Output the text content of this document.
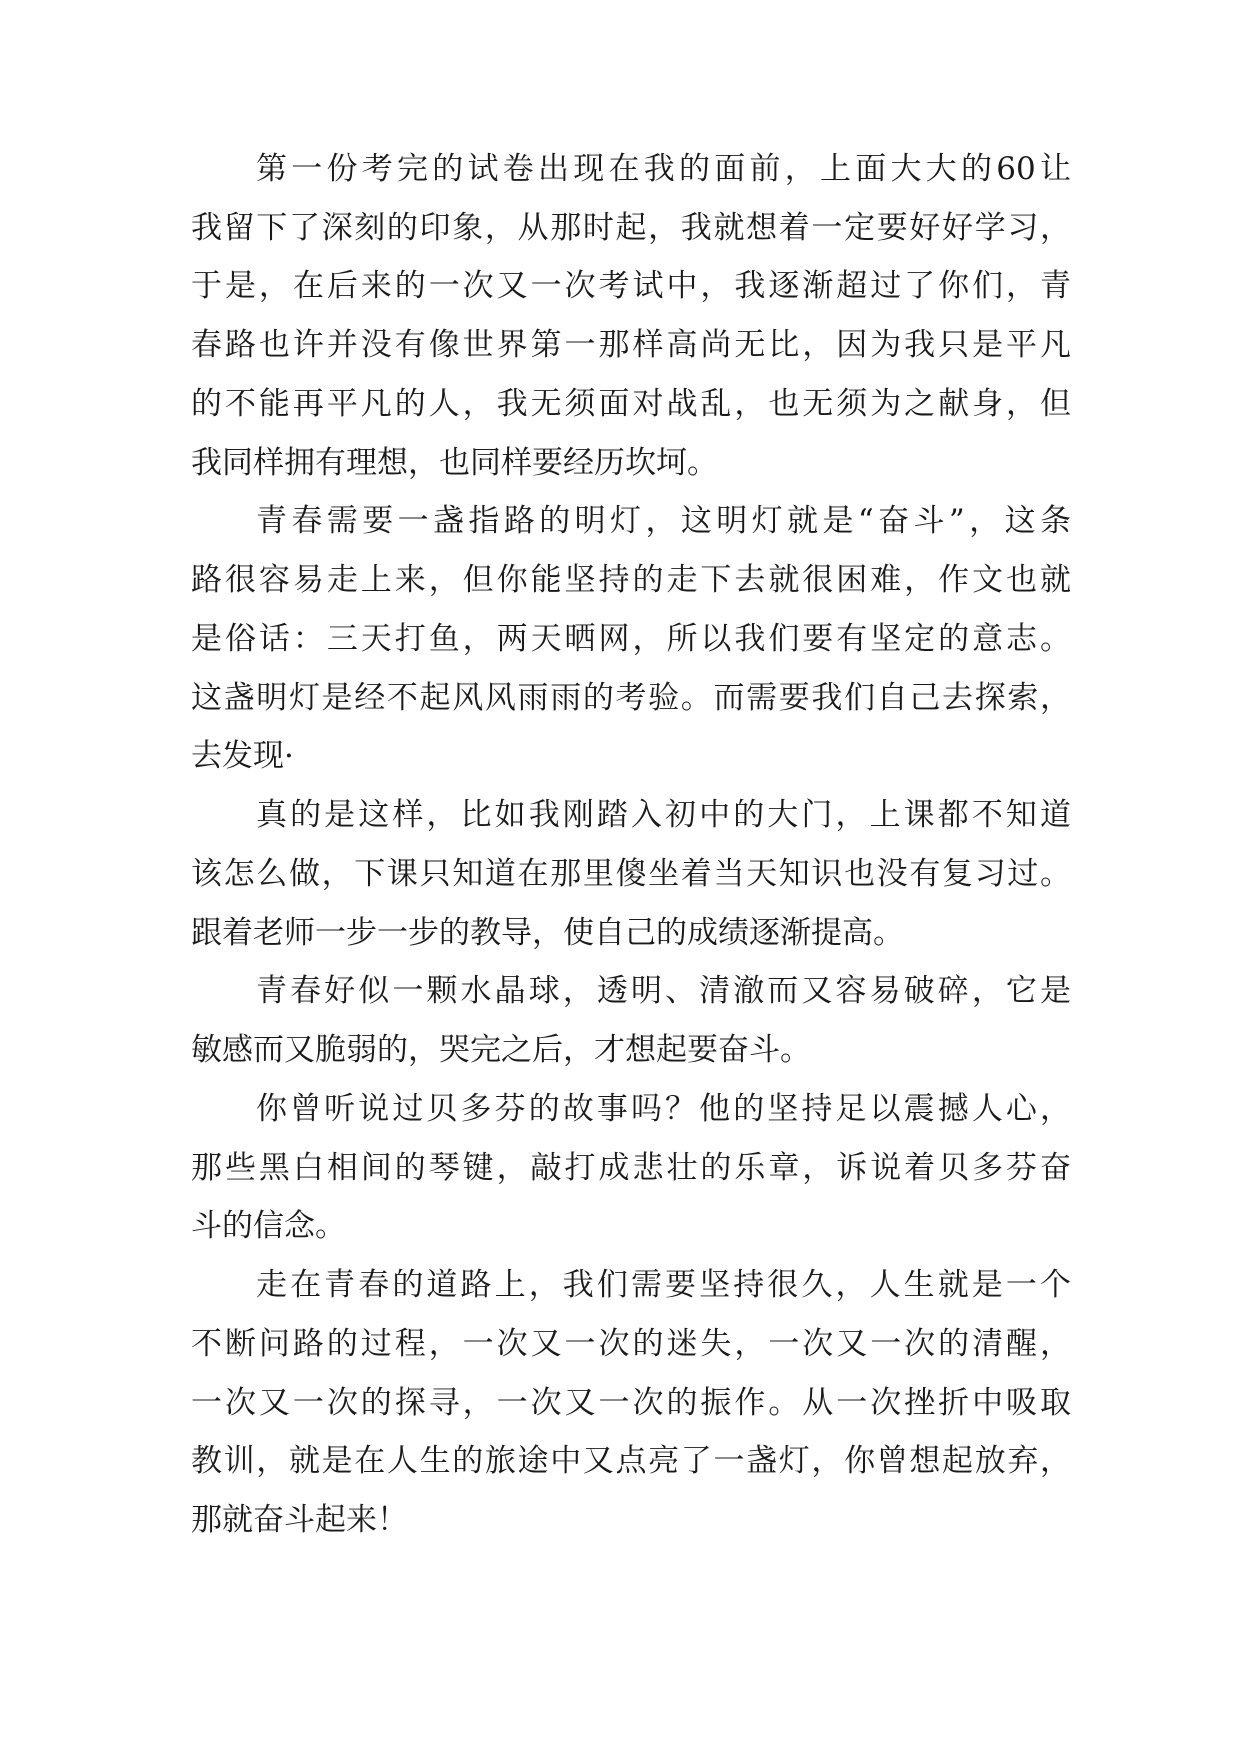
第一份考完的试卷出现在我的面前，上面大大的60让
我留下了深刻的印象，从那时起，我就想着一定要好好学习，
于是，在后来的一次又一次考试中，我逐渐超过了你们，青
春路也许并没有像世界第一那样高尚无比，因为我只是平凡
的不能再平凡的人，我无须面对战乱，也无须为之献身，但
我同样拥有理想，也同样要经历坎坷。
青春需要一盏指路的明灯，这明灯就是“奋斗”，这条
路很容易走上来，但你能坚持的走下去就很困难，作文也就
是俗话：三天打鱼，两天晒网，所以我们要有坚定的意志。
这盏明灯是经不起风风雨雨的考验。而需要我们自己去探索，
去发现·
真的是这样，比如我刚踏入初中的大门，上课都不知道
该怎么做，下课只知道在那里傻坐着当天知识也没有复习过。
跟着老师一步一步的教导，使自己的成绩逐渐提高。
青春好似一颗水晶球，透明、清澈而又容易破碎，它是
敏感而又脆弱的，哭完之后，才想起要奋斗。
你曾听说过贝多芬的故事吗？他的坚持足以震撼人心，
那些黑白相间的琴键，敲打成悲壮的乐章，诉说着贝多芬奋
斗的信念。
走在青春的道路上，我们需要坚持很久，人生就是一个
不断问路的过程，一次又一次的迷失，一次又一次的清醒，
一次又一次的探寻，一次又一次的振作。从一次挫折中吸取
教训，就是在人生的旅途中又点亮了一盏灯，你曾想起放弃，
那就奋斗起来！
